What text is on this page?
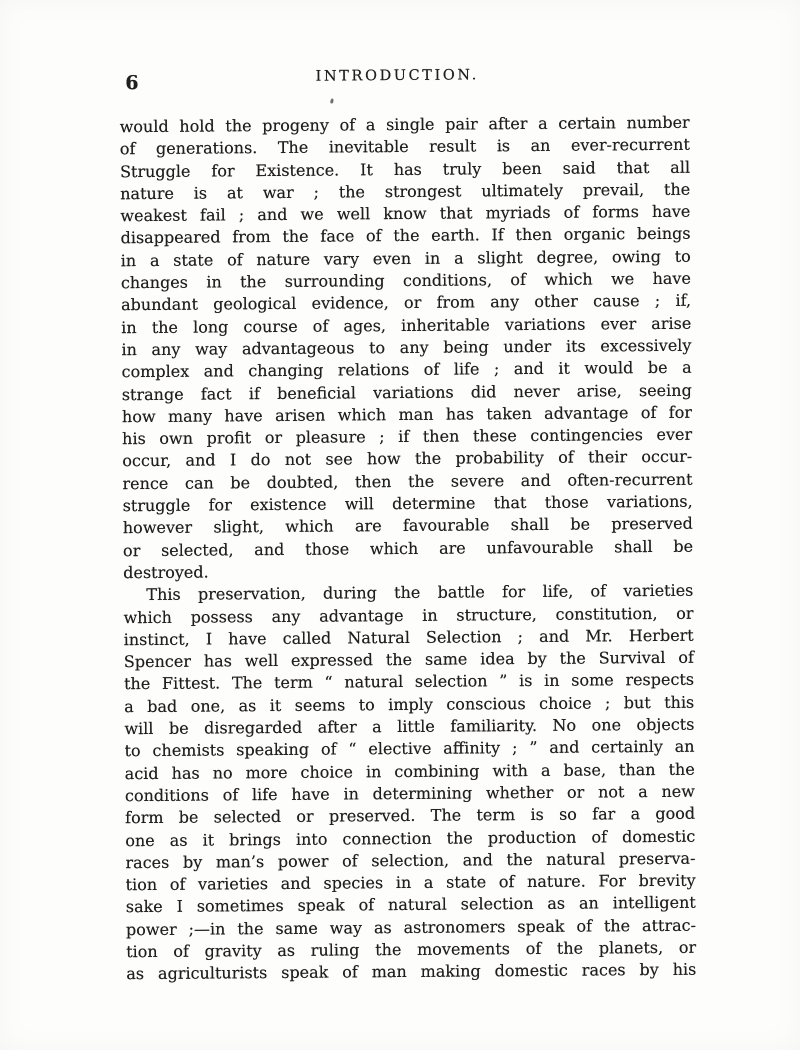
6	INTRODUCTION.
would hold the progeny of a single pair after a certain number
of generations. The inevitable result is an ever-recurrent
Struggle for Existence. It has truly been said that all
nature is at war ; the strongest ultimately prevail, the
weakest fail ; and we well know that myriads of forms have
disappeared from the face of the earth. If then organic beings
in a state of nature vary even in a slight degree, owing to
changes in the surrounding conditions, of which we have
abundant geological evidence, or from any other cause ; if,
in the long course of ages, inheritable variations ever arise
in any way advantageous to any being under its excessively
complex and changing relations of life ; and it would be a
strange fact if beneficial variations did never arise, seeing
how many have arisen which man has taken advantage of for
his own profit or pleasure ; if then these contingencies ever
occur, and I do not see how the probability of their occur-
rence can be doubted, then the severe and often-recurrent
struggle for existence will determine that those variations,
however slight, which are favourable shall be preserved
or selected, and those which are unfavourable shall be
destroyed.
This preservation, during the battle for life, of varieties
which possess any advantage in structure, constitution, or
instinct, I have called Natural Selection ; and Mr. Herbert
Spencer has well expressed the same idea by the Survival of
the Fittest. The term “ natural selection ” is in some respects
a bad one, as it seems to imply conscious choice ; but this
will be disregarded after a little familiarity. No one objects
to chemists speaking of “ elective affinity ; ” and certainly an
acid has no more choice in combining with a base, than the
conditions of life have in determining whether or not a new
form be selected or preserved. The term is so far a good
one as it brings into connection the production of domestic
races by man’s power of selection, and the natural preserva-
tion of varieties and species in a state of nature. For brevity
sake I sometimes speak of natural selection as an intelligent
power ;—in the same way as astronomers speak of the attrac-
tion of gravity as ruling the movements of the planets, or
as agriculturists speak of man making domestic races by his
